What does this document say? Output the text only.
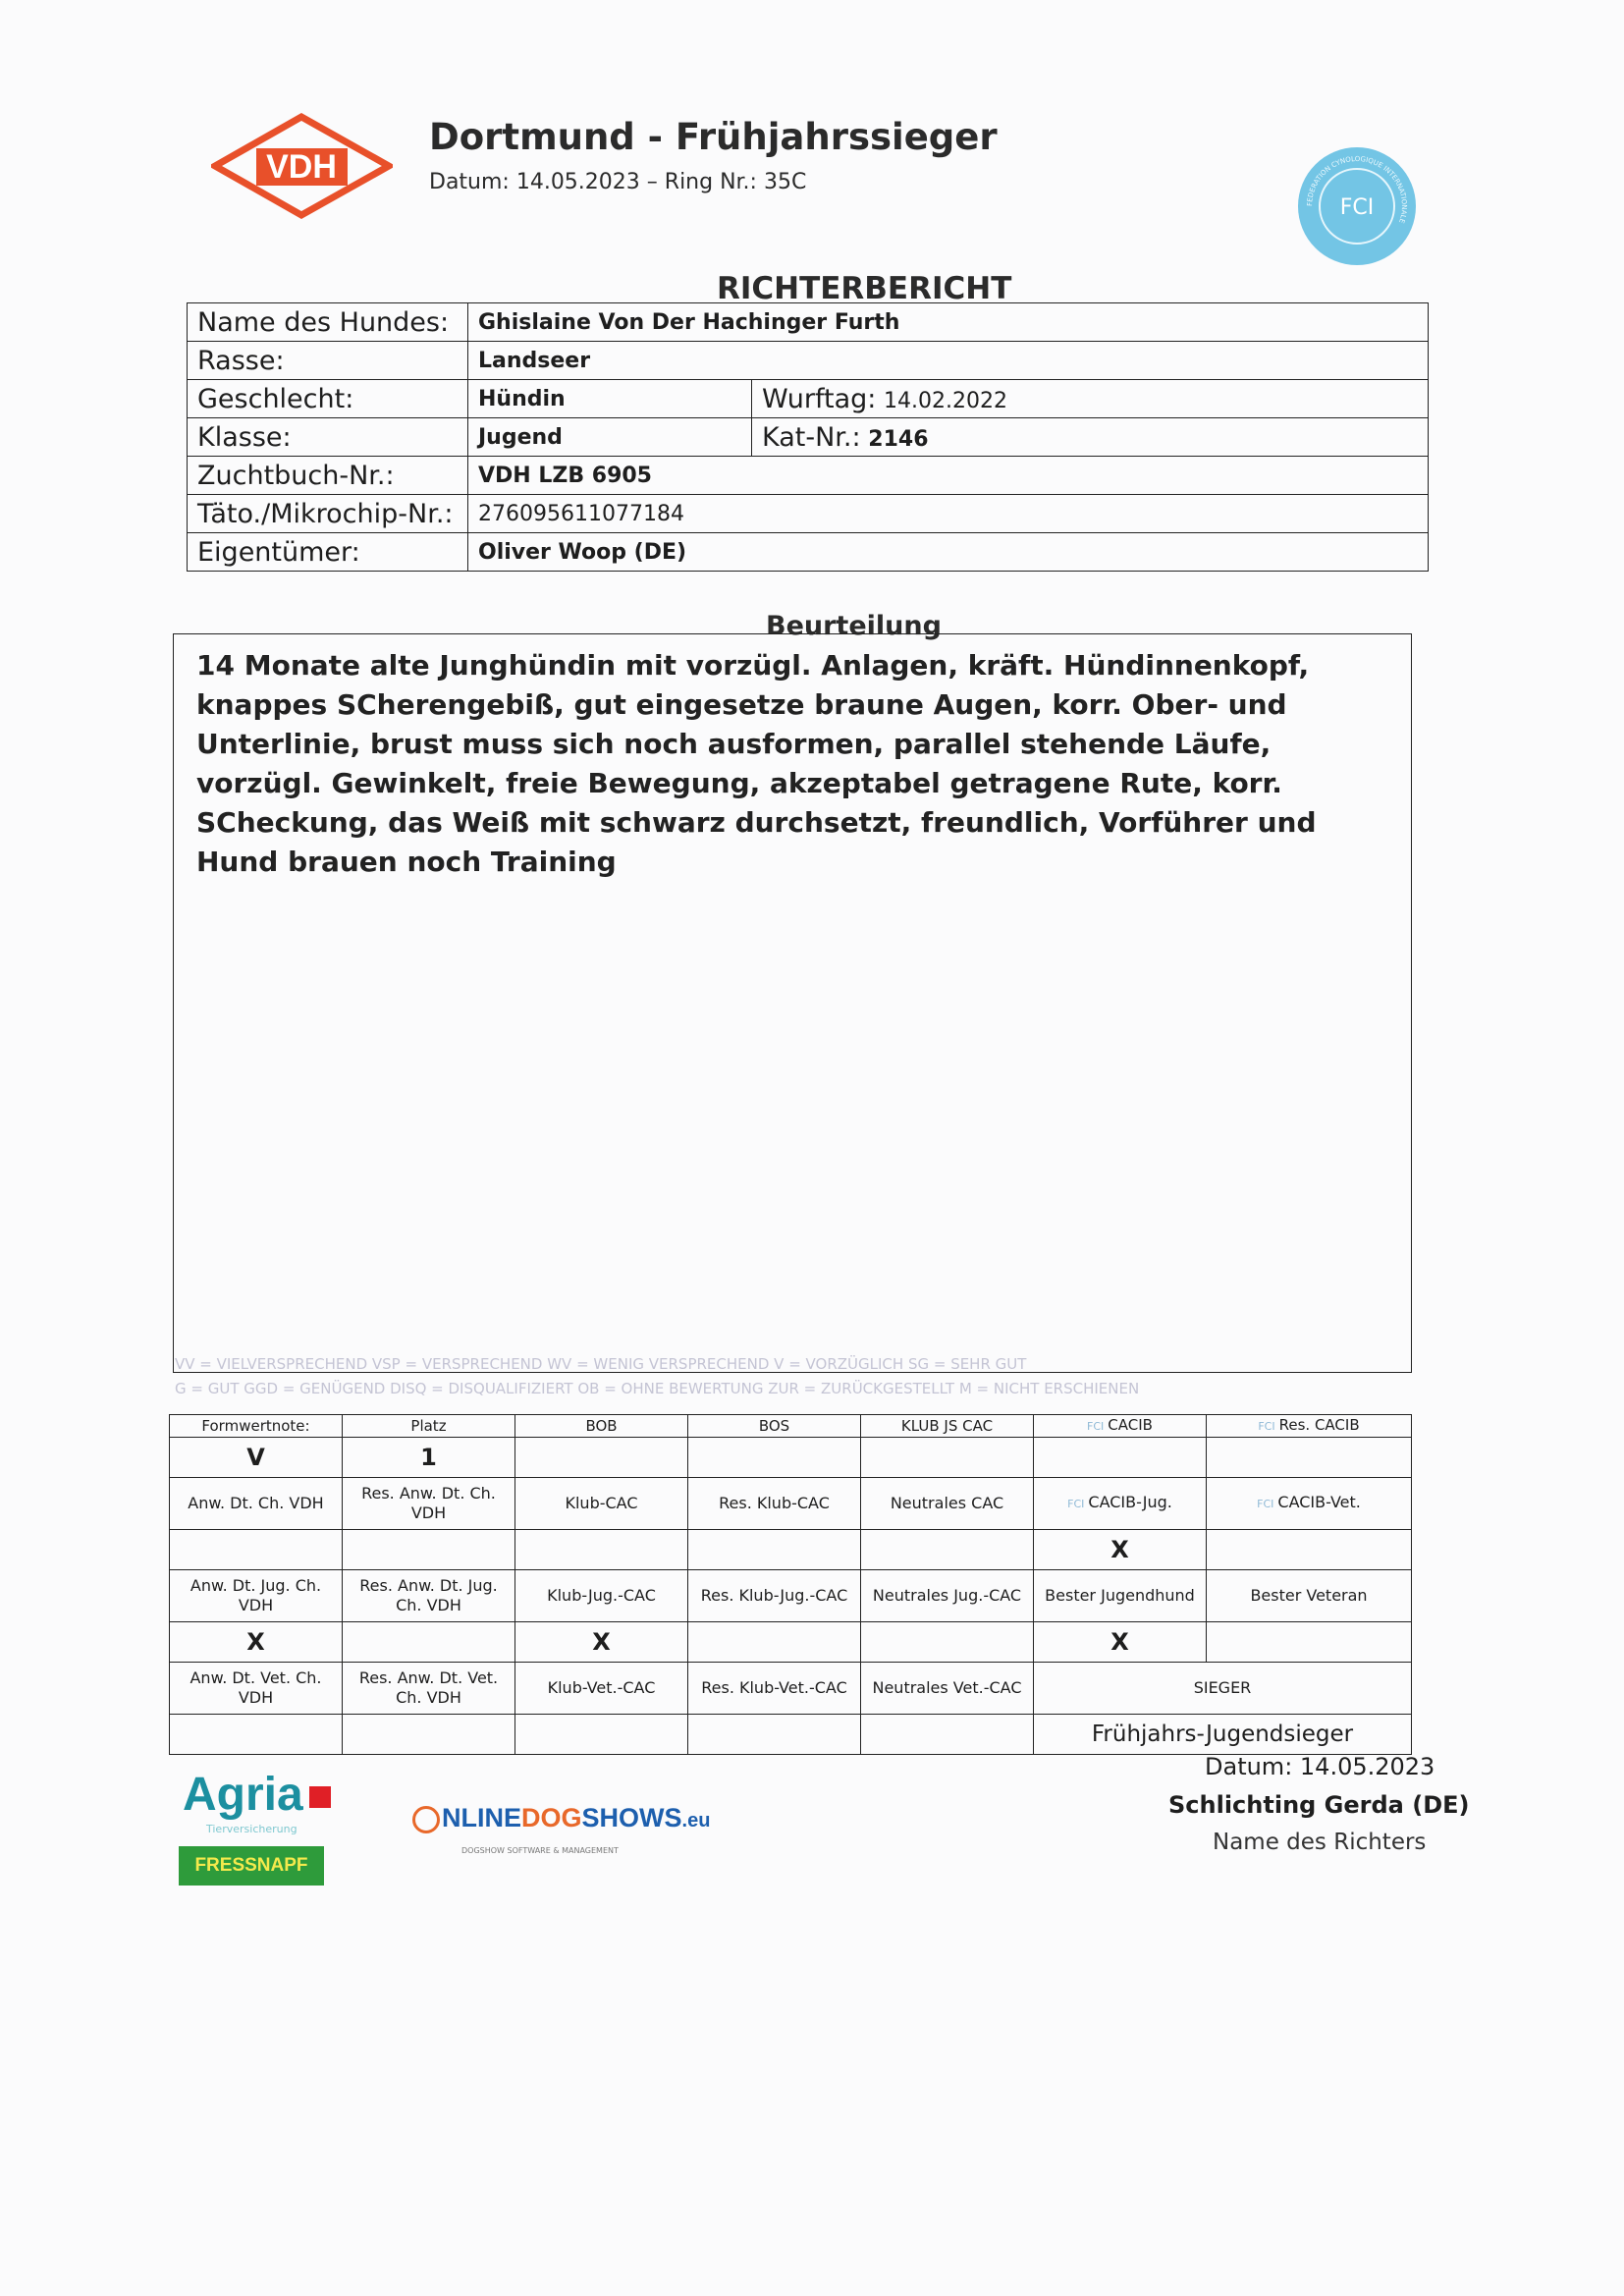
VDH
Dortmund - Frühjahrssieger
Datum: 14.05.2023 – Ring Nr.: 35C
FEDERATION CYNOLOGIQUE INTERNATIONALE
FCI
RICHTERBERICHT
Name des Hundes:	Ghislaine Von Der Hachinger Furth	
Rasse:	Landseer	
Geschlecht:	Hündin	Wurftag: 14.02.2022
Klasse:	Jugend	Kat-Nr.: 2146
Zuchtbuch-Nr.:	VDH LZB 6905	
Täto./Mikrochip-Nr.:	276095611077184	
Eigentümer:	Oliver Woop (DE)	
Beurteilung
14 Monate alte Junghündin mit vorzügl. Anlagen, kräft. Hündinnenkopf, knappes SCherengebiß, gut eingesetze braune Augen, korr. Ober- und Unterlinie, brust muss sich noch ausformen, parallel stehende Läufe, vorzügl. Gewinkelt, freie Bewegung, akzeptabel getragene Rute, korr. SCheckung, das Weiß mit schwarz durchsetzt, freundlich, Vorführer und Hund brauen noch Training
VV = VIELVERSPRECHEND VSP = VERSPRECHEND WV = WENIG VERSPRECHEND V = VORZÜGLICH SG = SEHR GUT
G = GUT GGD = GENÜGEND DISQ = DISQUALIFIZIERT OB = OHNE BEWERTUNG ZUR = ZURÜCKGESTELLT M = NICHT ERSCHIENEN
Formwertnote:	Platz	BOB	BOS	KLUB JS CAC	FCI CACIB	FCI Res. CACIB
V	1					
Anw. Dt. Ch. VDH	Res. Anw. Dt. Ch. VDH	Klub-CAC	Res. Klub-CAC	Neutrales CAC	FCI CACIB-Jug.	FCI CACIB-Vet.
					X	
Anw. Dt. Jug. Ch. VDH	Res. Anw. Dt. Jug. Ch. VDH	Klub-Jug.-CAC	Res. Klub-Jug.-CAC	Neutrales Jug.-CAC	Bester Jugendhund	Bester Veteran
X		X			X	
Anw. Dt. Vet. Ch. VDH	Res. Anw. Dt. Vet. Ch. VDH	Klub-Vet.-CAC	Res. Klub-Vet.-CAC	Neutrales Vet.-CAC	SIEGER	
					Frühjahrs-Jugendsieger	
Datum: 14.05.2023
Schlichting Gerda (DE)
Name des Richters
Agria
Tierversicherung
FRESSNAPF
NLINEDOGSHOWS.eu
DOGSHOW SOFTWARE & MANAGEMENT
